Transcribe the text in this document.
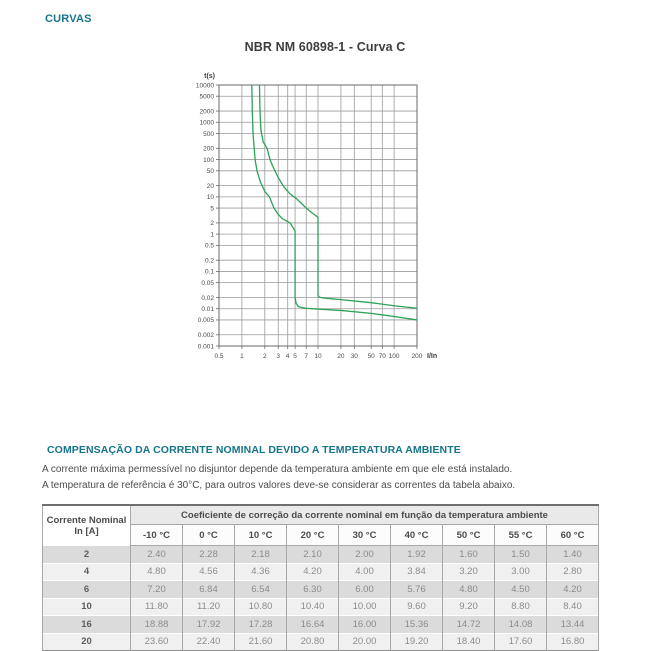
CURVAS
NBR NM 60898-1 - Curva C
10000
5000
2000
1000
500
200
100
50
20
10
5
2
1
0.5
0.2
0.1
0.05
0.02
0.01
0.005
0.002
0.001
0.5	1	2 3 4 5 7 10 20 30 50 70 100 200
t(s)
I/In
COMPENSAÇÃO DA CORRENTE NOMINAL DEVIDO A TEMPERATURA AMBIENTE
A corrente máxima permessível no disjuntor depende da temperatura ambiente em que ele está instalado.
A temperatura de referência é 30°C, para outros valores deve-se considerar as correntes da tabela abaixo.
Corrente Nominal
In [A]	Coeficiente de correção da corrente nominal em função da temperatura ambiente								
	-10 °C	0 °C	10 °C	20 °C	30 °C	40 °C	50 °C	55 °C	60 °C
2	2.40	2.28	2.18	2.10	2.00	1.92	1.60	1.50	1.40
4	4.80	4.56	4.36	4.20	4.00	3.84	3.20	3.00	2.80
6	7.20	6.84	6.54	6.30	6.00	5.76	4.80	4.50	4.20
10	11.80	11.20	10.80	10.40	10.00	9.60	9.20	8.80	8.40
16	18.88	17.92	17.28	16.64	16.00	15.36	14.72	14.08	13.44
20	23.60	22.40	21.60	20.80	20.00	19.20	18.40	17.60	16.80
